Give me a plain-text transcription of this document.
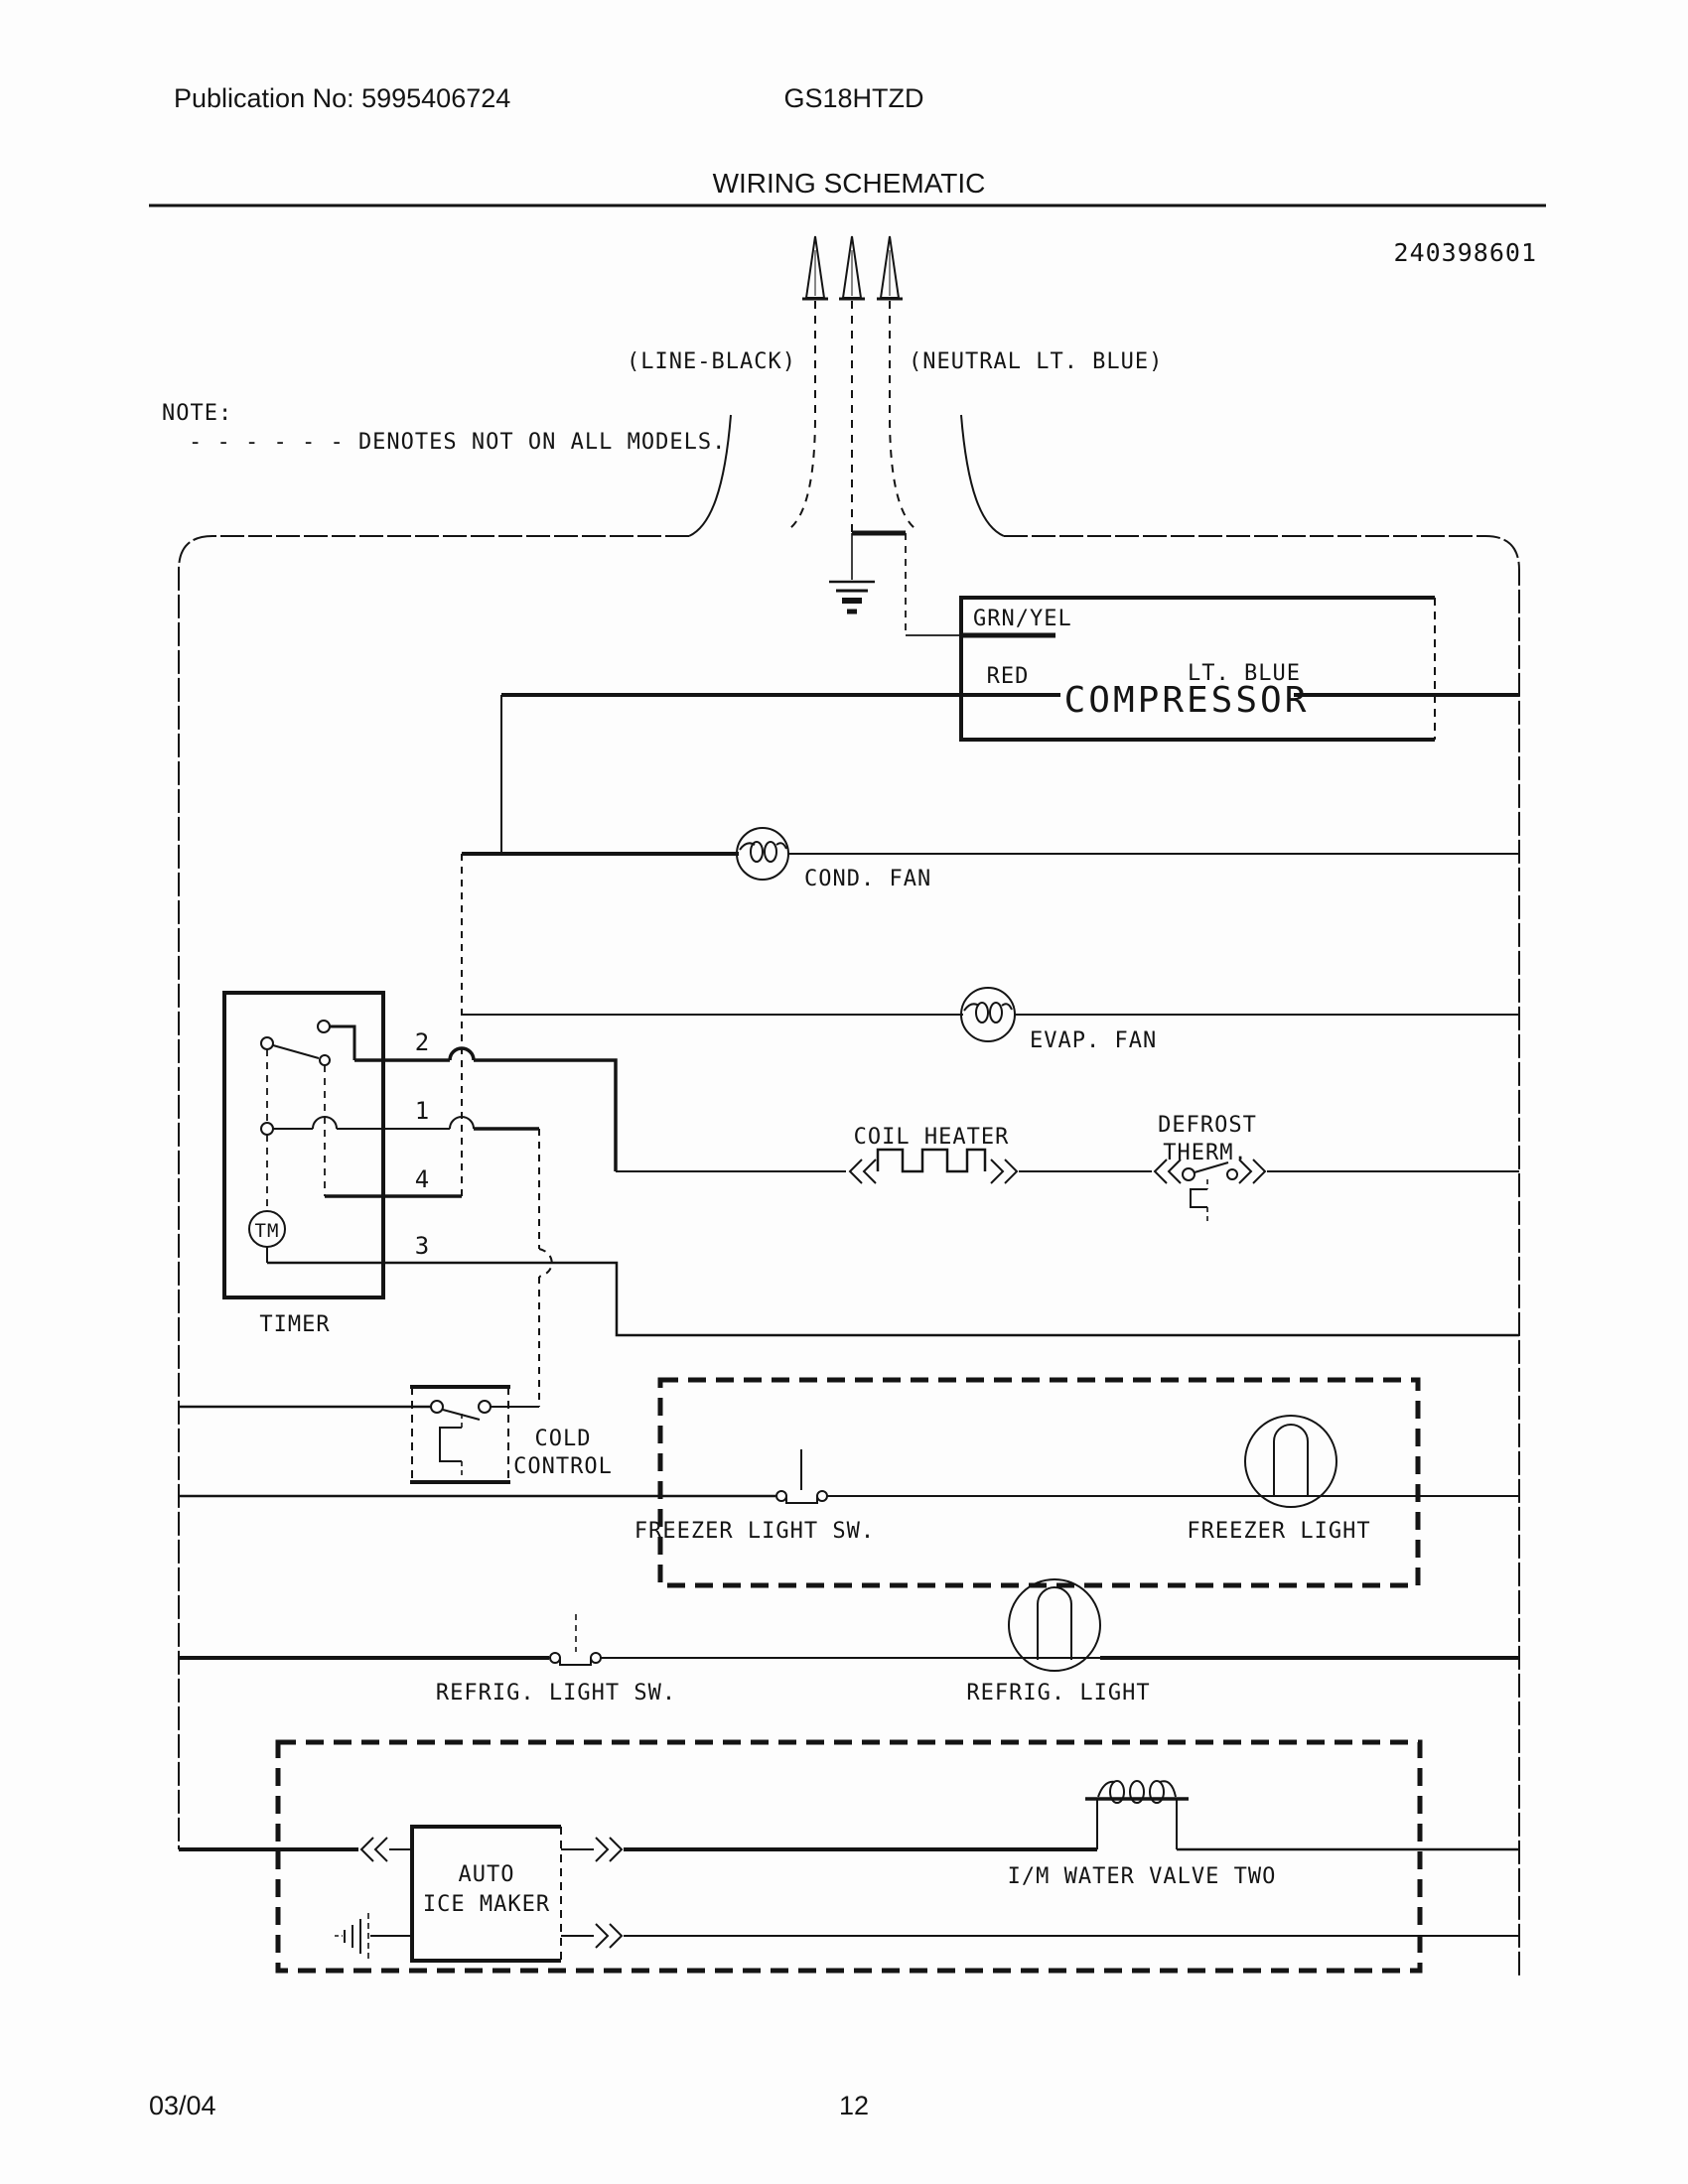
Publication No: 5995406724	GS18HTZD
WIRING SCHEMATIC
240398601
NOTE:
- - - - - - DENOTES NOT ON ALL MODELS.
(LINE-BLACK)	(NEUTRAL LT. BLUE)
GRN/YEL
RED
COMPRESSOR
LT. BLUE
COND. FAN
EVAP. FAN
TM
TIMER
2
1
4
3
COIL HEATER	DEFROST
THERM.
COLD
CONTROL
FREEZER LIGHT SW.	FREEZER LIGHT
REFRIG. LIGHT SW.	REFRIG. LIGHT
AUTO
ICE MAKER
I/M WATER VALVE TWO
03/04	12
